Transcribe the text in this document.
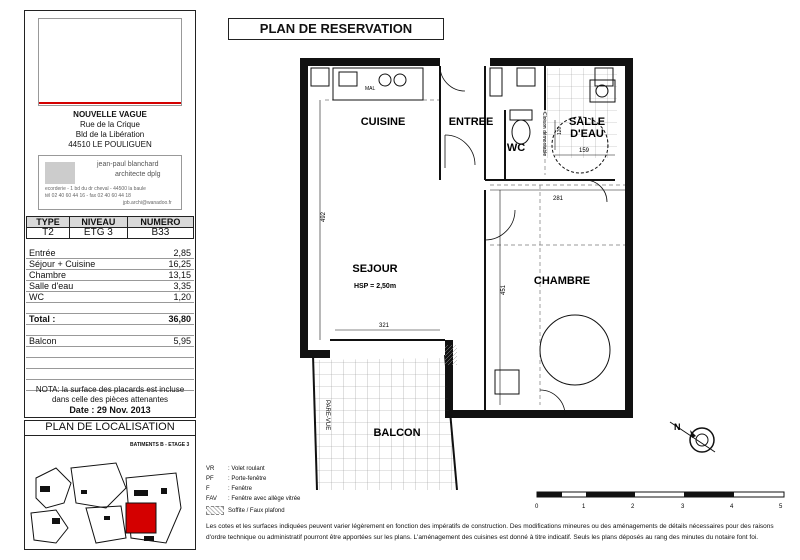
NOUVELLE VAGUE
Rue de la Crique
Bld de la Libération
44510 LE POULIGUEN
jean-paul blanchard
architecte dplg
ecorderie - 1 bd du dr cheval - 44500 la baule
tél 02 40 60 44 16 - fax 02 40 60 44 18
jpb.archi@wanadoo.fr
TYPE	NIVEAU	NUMERO
T2	ETG 3	B33
Entrée	2,85
Séjour + Cuisine	16,25
Chambre	13,15
Salle d'eau	3,35
WC	1,20

Total :	36,80

Balcon	5,95

NOTA: la surface des placards est incluse dans celle des pièces attenantes
Date : 29 Nov. 2013
PLAN DE LOCALISATION
BATIMENTS B - ETAGE 3
PLAN DE RESERVATION
MAL
CUISINE	ENTREE
WC
SALLE
D'EAU
SEJOUR
HSP = 2,50m	CHAMBRE
BALCON
PARE-VUE
Cloison démontable
492
321
281
451
159
120
N
VR : Volet roulant
PF : Porte-fenêtre
F	: Fenêtre
FAV : Fenêtre avec allège vitrée
Soffite / Faux plafond
0	1	2	3	4	5
Les cotes et les surfaces indiquées peuvent varier légèrement en fonction des impératifs de construction. Des modifications mineures ou des aménagements de détails nécessaires pour des raisons d'ordre technique ou administratif pourront être apportées sur les plans. L'aménagement des cuisines est donné à titre indicatif. Seuls les plans déposés au rang des minutes du notaire font foi.
